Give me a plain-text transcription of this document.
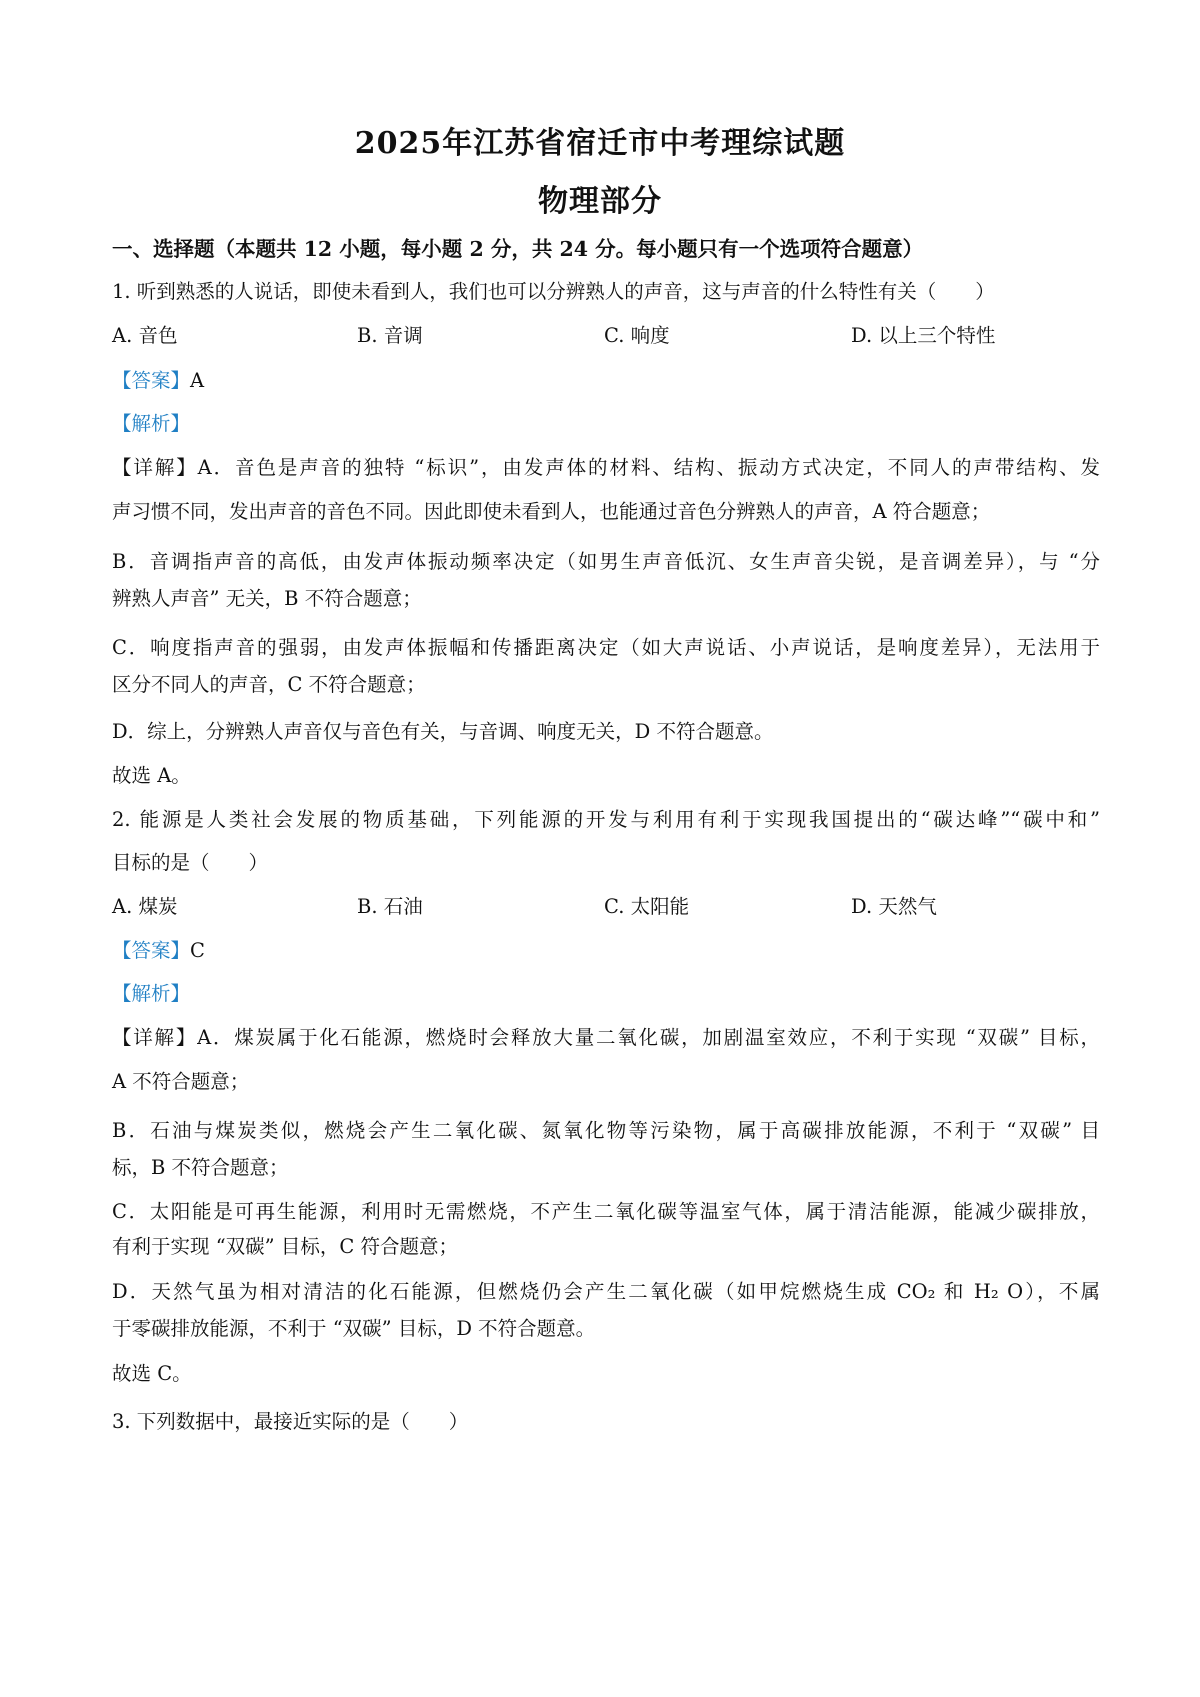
2025年江苏省宿迁市中考理综试题
物理部分
一、选择题（本题共 12 小题，每小题 2 分，共 24 分。每小题只有一个选项符合题意）
1. 听到熟悉的人说话，即使未看到人，我们也可以分辨熟人的声音，这与声音的什么特性有关（　　）
A. 音色	B. 音调	C. 响度	D. 以上三个特性
【答案】A
【解析】
【详解】A．音色是声音的独特 “标识”，由发声体的材料、结构、振动方式决定，不同人的声带结构、发
声习惯不同，发出声音的音色不同。因此即使未看到人，也能通过音色分辨熟人的声音，A 符合题意；
B．音调指声音的高低，由发声体振动频率决定（如男生声音低沉、女生声音尖锐，是音调差异），与 “分
辨熟人声音” 无关，B 不符合题意；
C．响度指声音的强弱，由发声体振幅和传播距离决定（如大声说话、小声说话，是响度差异），无法用于
区分不同人的声音，C 不符合题意；
D．综上，分辨熟人声音仅与音色有关，与音调、响度无关，D 不符合题意。
故选 A。
2. 能源是人类社会发展的物质基础，下列能源的开发与利用有利于实现我国提出的“碳达峰”“碳中和”
目标的是（　　）
A. 煤炭	B. 石油	C. 太阳能	D. 天然气
【答案】C
【解析】
【详解】A．煤炭属于化石能源，燃烧时会释放大量二氧化碳，加剧温室效应，不利于实现 “双碳” 目标，
A 不符合题意；
B．石油与煤炭类似，燃烧会产生二氧化碳、氮氧化物等污染物，属于高碳排放能源，不利于 “双碳” 目
标，B 不符合题意；
C．太阳能是可再生能源，利用时无需燃烧，不产生二氧化碳等温室气体，属于清洁能源，能减少碳排放，
有利于实现 “双碳” 目标，C 符合题意；
D．天然气虽为相对清洁的化石能源，但燃烧仍会产生二氧化碳（如甲烷燃烧生成 CO₂ 和 H₂ O），不属
于零碳排放能源，不利于 “双碳” 目标，D 不符合题意。
故选 C。
3. 下列数据中，最接近实际的是（　　）
